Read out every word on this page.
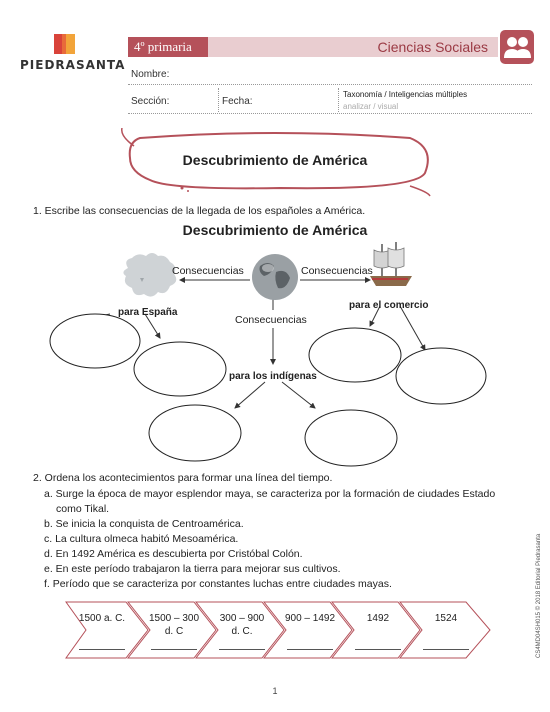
PIEDRASANTA
4º primaria	Ciencias Sociales
Nombre:
Sección:	Fecha:
Taxonomía / Inteligencias múltiples
analizar / visual
Descubrimiento de América
1. Escribe las consecuencias de la llegada de los españoles a América.
Descubrimiento de América
Consecuencias	Consecuencias
Consecuencias
para España
para el comercio
para los indígenas
2. Ordena los acontecimientos para formar una línea del tiempo.
a. Surge la época de mayor esplendor maya, se caracteriza por la formación de ciudades Estado
como Tikal.
b. Se inicia la conquista de Centroamérica.
c. La cultura olmeca habitó Mesoamérica.
d. En 1492 América es descubierta por Cristóbal Colón.
e. En este período trabajaron la tierra para mejorar sus cultivos.
f. Período que se caracteriza por constantes luchas entre ciudades mayas.
1500 a. C.	1500 – 300
d. C
300 – 900
d. C.
900 – 1492	1492	1524
1
CS4MD04SH015 © 2018 Editorial Piedrasanta
